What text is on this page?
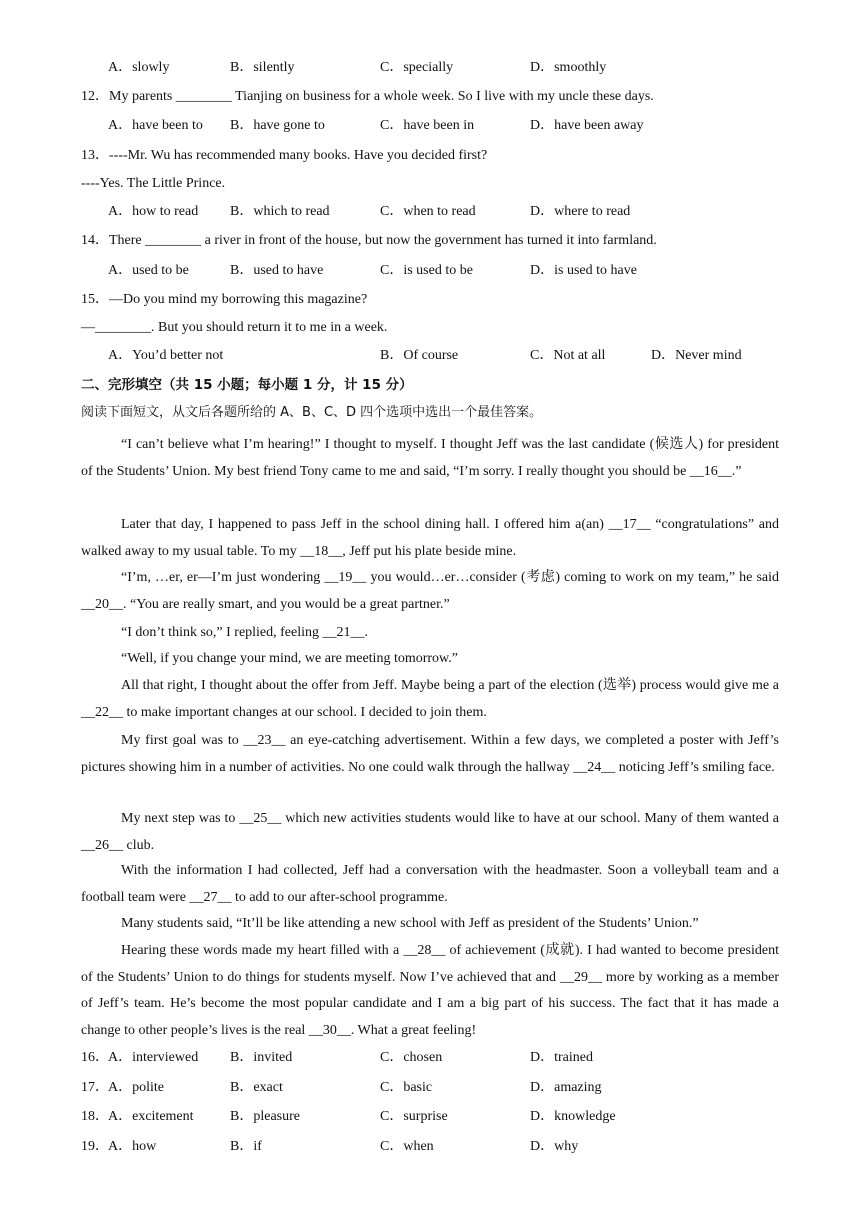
A．slowly	B．silently	C．specially	D．smoothly
12．My parents ________ Tianjing on business for a whole week. So I live with my uncle these days.
A．have been to B．have gone to	C．have been in	D．have been away
13．----Mr. Wu has recommended many books. Have you decided first?
----Yes. The Little Prince.
A．how to read B．which to read	C．when to read	D．where to read
14．There ________ a river in front of the house, but now the government has turned it into farmland.
A．used to be	B．used to have	C．is used to be	D．is used to have
15．—Do you mind my borrowing this magazine?
—________. But you should return it to me in a week.
A．You’d better not	B．Of course	C．Not at all	D．Never mind
二、完形填空（共 15 小题；每小题 1 分，计 15 分）
阅读下面短文，从文后各题所给的 A、B、C、D 四个选项中选出一个最佳答案。
“I can’t believe what I’m hearing!” I thought to myself. I thought Jeff was the last candidate (候选人) for president of the Students’ Union. My best friend Tony came to me and said, “I’m sorry. I really thought you should be __16__.”
Later that day, I happened to pass Jeff in the school dining hall. I offered him a(an) __17__ “congratulations” and walked away to my usual table. To my __18__, Jeff put his plate beside mine.
“I’m, …er, er—I’m just wondering __19__ you would…er…consider (考虑) coming to work on my team,” he said __20__. “You are really smart, and you would be a great partner.”
“I don’t think so,” I replied, feeling __21__.
“Well, if you change your mind, we are meeting tomorrow.”
All that right, I thought about the offer from Jeff. Maybe being a part of the election (选举) process would give me a __22__ to make important changes at our school. I decided to join them.
My first goal was to __23__ an eye-catching advertisement. Within a few days, we completed a poster with Jeff’s pictures showing him in a number of activities. No one could walk through the hallway __24__ noticing Jeff’s smiling face.
My next step was to __25__ which new activities students would like to have at our school. Many of them wanted a __26__ club.
With the information I had collected, Jeff had a conversation with the headmaster. Soon a volleyball team and a football team were __27__ to add to our after-school programme.
Many students said, “It’ll be like attending a new school with Jeff as president of the Students’ Union.”
Hearing these words made my heart filled with a __28__ of achievement (成就). I had wanted to become president of the Students’ Union to do things for students myself. Now I’ve achieved that and __29__ more by working as a member of Jeff’s team. He’s become the most popular candidate and I am a big part of his success. The fact that it has made a change to other people’s lives is the real __30__. What a great feeling!
16． A．interviewed B．invited	C．chosen	D．trained
17． A．polite	B．exact	C．basic	D．amazing
18． A．excitement	B．pleasure	C．surprise	D．knowledge
19． A．how	B．if	C．when	D．why
